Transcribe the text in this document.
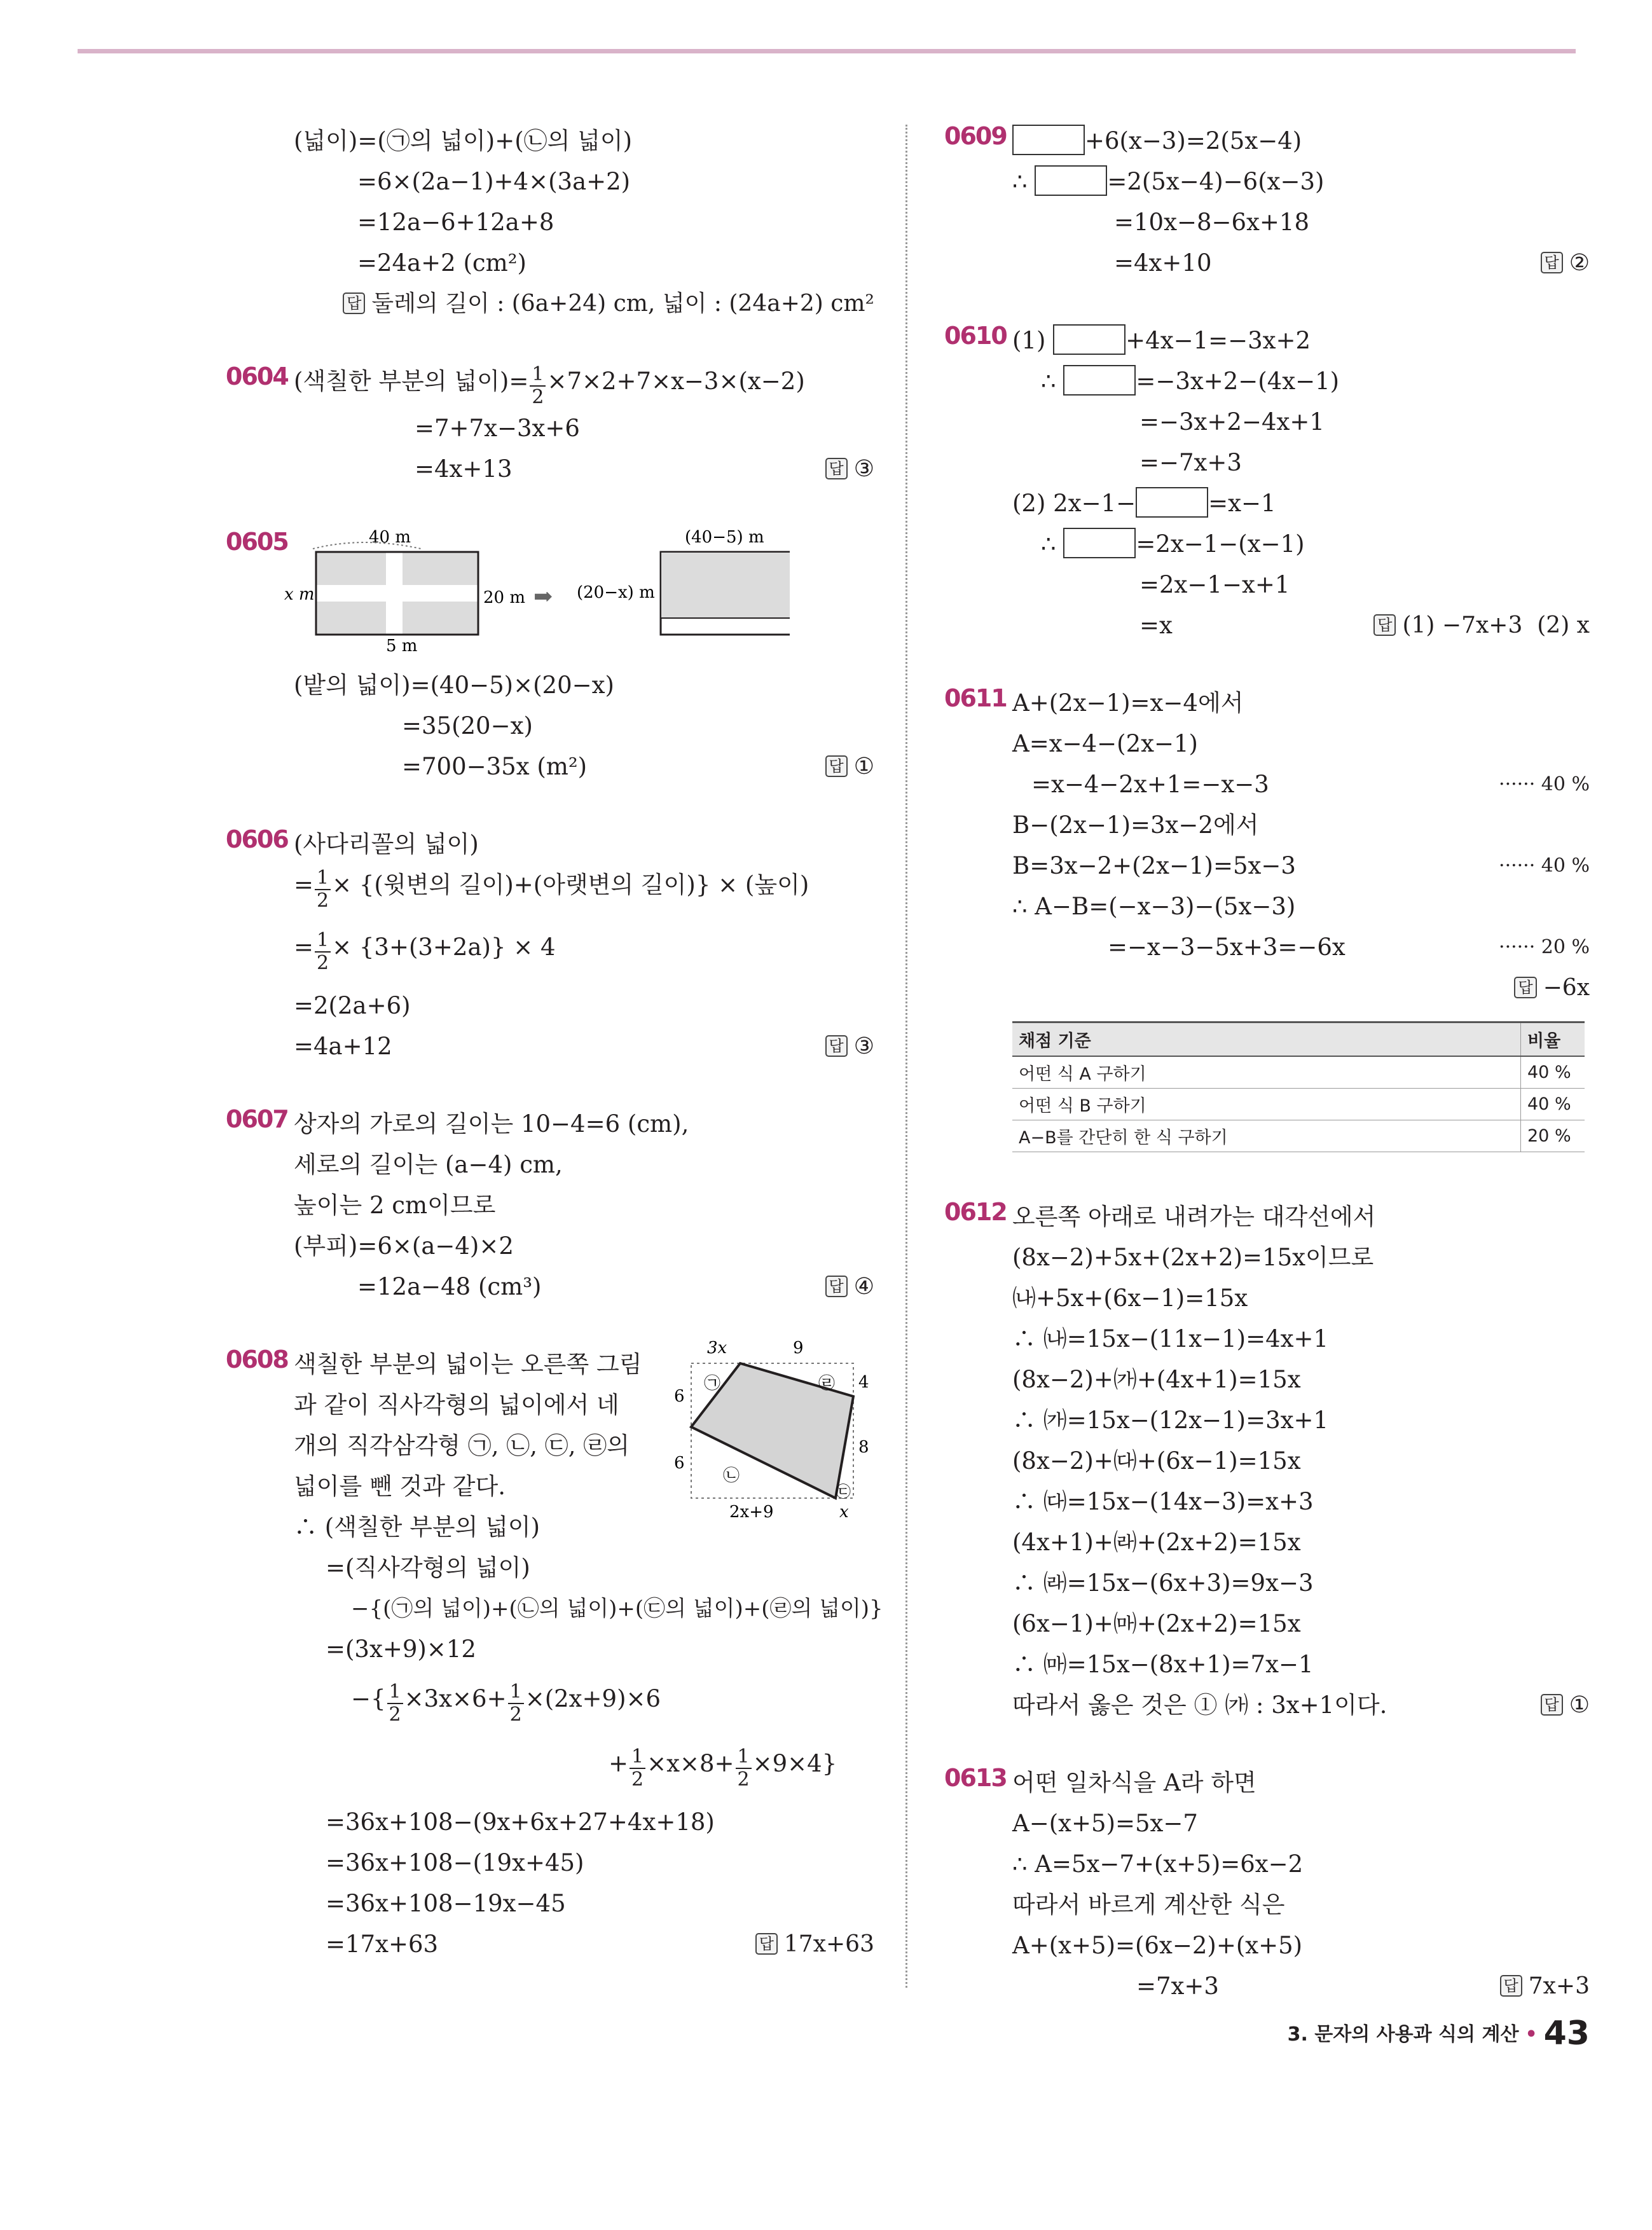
(넓이)=(㉠의 넓이)+(㉡의 넓이)
=6×(2a−1)+4×(3a+2)
=12a−6+12a+8
=24a+2 (cm²)

답 둘레의 길이 : (6a+24) cm, 넓이 : (24a+2) cm²

0604 (색칠한 부분의 넓이)= $\frac{1}{2} \times 7\times 2+7\times x-3\times(x-2)$
=7+7x−3x+6
=4x+13	답 ③
0605	40 m
x m	20 m
5 m
➡ (20−x) m
(40−5) m
(밭의 넓이)=(40−5)×(20−x)
=35(20−x)
=700−35x (m²)	답 ①
0606 (사다리꼴의 넓이)
= $\frac{1}{2}$ × {(윗변의 길이)+(아랫변의 길이)} × (높이)
= $\frac{1}{2} \times \{3+(3+2a)\} \times 4$
=2(2a+6)
=4a+12	답 ③
0607 상자의 가로의 길이는 10−4=6 (cm),
세로의 길이는 (a−4) cm,
높이는 2 cm이므로
(부피)=6×(a−4)×2
=12a−48 (cm³)	답 ④
0608	3x	9
6
6
4
8
2x+9	x
㉠
㉡
㉢
㉣
색칠한 부분의 넓이는 오른쪽 그림
과 같이 직사각형의 넓이에서 네
개의 직각삼각형 ㉠, ㉡, ㉢, ㉣의
넓이를 뺀 것과 같다.
∴ (색칠한 부분의 넓이)
=(직사각형의 넓이)
−{(㉠의 넓이)+(㉡의 넓이)+(㉢의 넓이)+(㉣의 넓이)}
=(3x+9)×12
−{ $\frac{1}{2} \times 3x\times 6+ \frac{1}{2} \times(2x+9)\times 6$
+ $\frac{1}{2} \times x\times 8+ \frac{1}{2} \times 9\times 4$}
=36x+108−(9x+6x+27+4x+18)
=36x+108−(19x+45)
=36x+108−19x−45
=17x+63	답 17x+63
0609	+6(x−3)=2(5x−4)
∴	=2(5x−4)−6(x−3)
=10x−8−6x+18
=4x+10	답 ②
0610 (1)	+4x−1=−3x+2
∴	=−3x+2−(4x−1)
=−3x+2−4x+1
=−7x+3
(2) 2x−1−	=x−1
∴	=2x−1−(x−1)
=2x−1−x+1
=x	답 (1) −7x+3  (2) x
0611 A+(2x−1)=x−4에서
A=x−4−(2x−1)
=x−4−2x+1=−x−3	······ 40 %
B−(2x−1)=3x−2에서
B=3x−2+(2x−1)=5x−3	······ 40 %
∴ A−B=(−x−3)−(5x−3)
=−x−3−5x+3=−6x	······ 20 %

답 −6x

채점 기준	비율
어떤 식 A 구하기	40 %
어떤 식 B 구하기	40 %
A−B를 간단히 한 식 구하기	20 %
0612 오른쪽 아래로 내려가는 대각선에서
(8x−2)+5x+(2x+2)=15x이므로
㈏+5x+(6x−1)=15x
∴ ㈏=15x−(11x−1)=4x+1
(8x−2)+㈎+(4x+1)=15x
∴ ㈎=15x−(12x−1)=3x+1
(8x−2)+㈐+(6x−1)=15x
∴ ㈐=15x−(14x−3)=x+3
(4x+1)+㈑+(2x+2)=15x
∴ ㈑=15x−(6x+3)=9x−3
(6x−1)+㈒+(2x+2)=15x
∴ ㈒=15x−(8x+1)=7x−1
따라서 옳은 것은 ① ㈎ : 3x+1이다.	답 ①
0613 어떤 일차식을 A라 하면
A−(x+5)=5x−7
∴ A=5x−7+(x+5)=6x−2
따라서 바르게 계산한 식은
A+(x+5)=(6x−2)+(x+5)
=7x+3	답 7x+3
3. 문자의 사용과 식의 계산 • 43
